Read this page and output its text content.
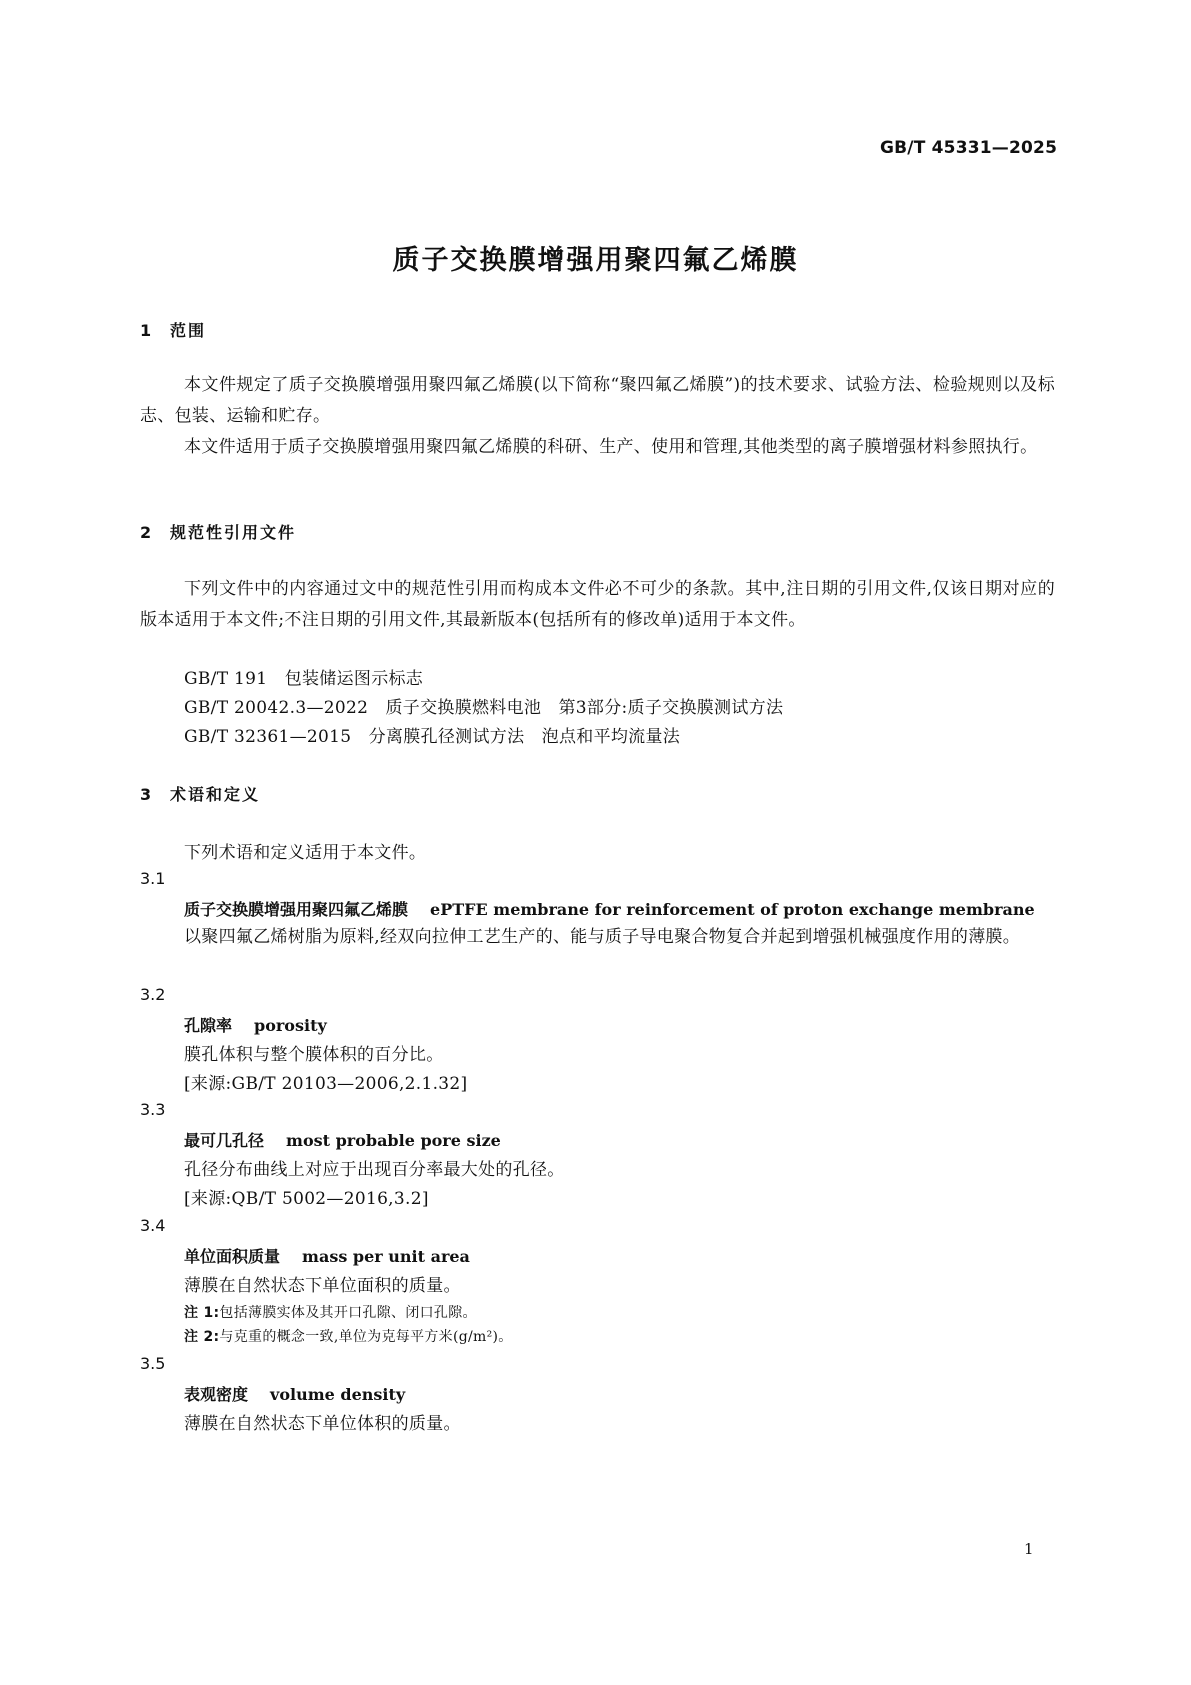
GB/T 45331—2025
质子交换膜增强用聚四氟乙烯膜
1 范围

本文件规定了质子交换膜增强用聚四氟乙烯膜(以下简称“聚四氟乙烯膜”)的技术要求、试验方法、检验规则以及标志、包装、运输和贮存。

本文件适用于质子交换膜增强用聚四氟乙烯膜的科研、生产、使用和管理,其他类型的离子膜增强材料参照执行。

2 规范性引用文件

下列文件中的内容通过文中的规范性引用而构成本文件必不可少的条款。其中,注日期的引用文件,仅该日期对应的版本适用于本文件;不注日期的引用文件,其最新版本(包括所有的修改单)适用于本文件。

GB/T 191　包装储运图示标志
GB/T 20042.3—2022　质子交换膜燃料电池　第3部分:质子交换膜测试方法
GB/T 32361—2015　分离膜孔径测试方法　泡点和平均流量法
3 术语和定义
下列术语和定义适用于本文件。
3.1
质子交换膜增强用聚四氟乙烯膜 ePTFE membrane for reinforcement of proton exchange membrane

以聚四氟乙烯树脂为原料,经双向拉伸工艺生产的、能与质子导电聚合物复合并起到增强机械强度作用的薄膜。

3.2
孔隙率 porosity
膜孔体积与整个膜体积的百分比。
[来源:GB/T 20103—2006,2.1.32]
3.3
最可几孔径 most probable pore size
孔径分布曲线上对应于出现百分率最大处的孔径。
[来源:QB/T 5002—2016,3.2]
3.4
单位面积质量 mass per unit area
薄膜在自然状态下单位面积的质量。
注 1:包括薄膜实体及其开口孔隙、闭口孔隙。
注 2:与克重的概念一致,单位为克每平方米(g/m²)。
3.5
表观密度 volume density
薄膜在自然状态下单位体积的质量。
1
